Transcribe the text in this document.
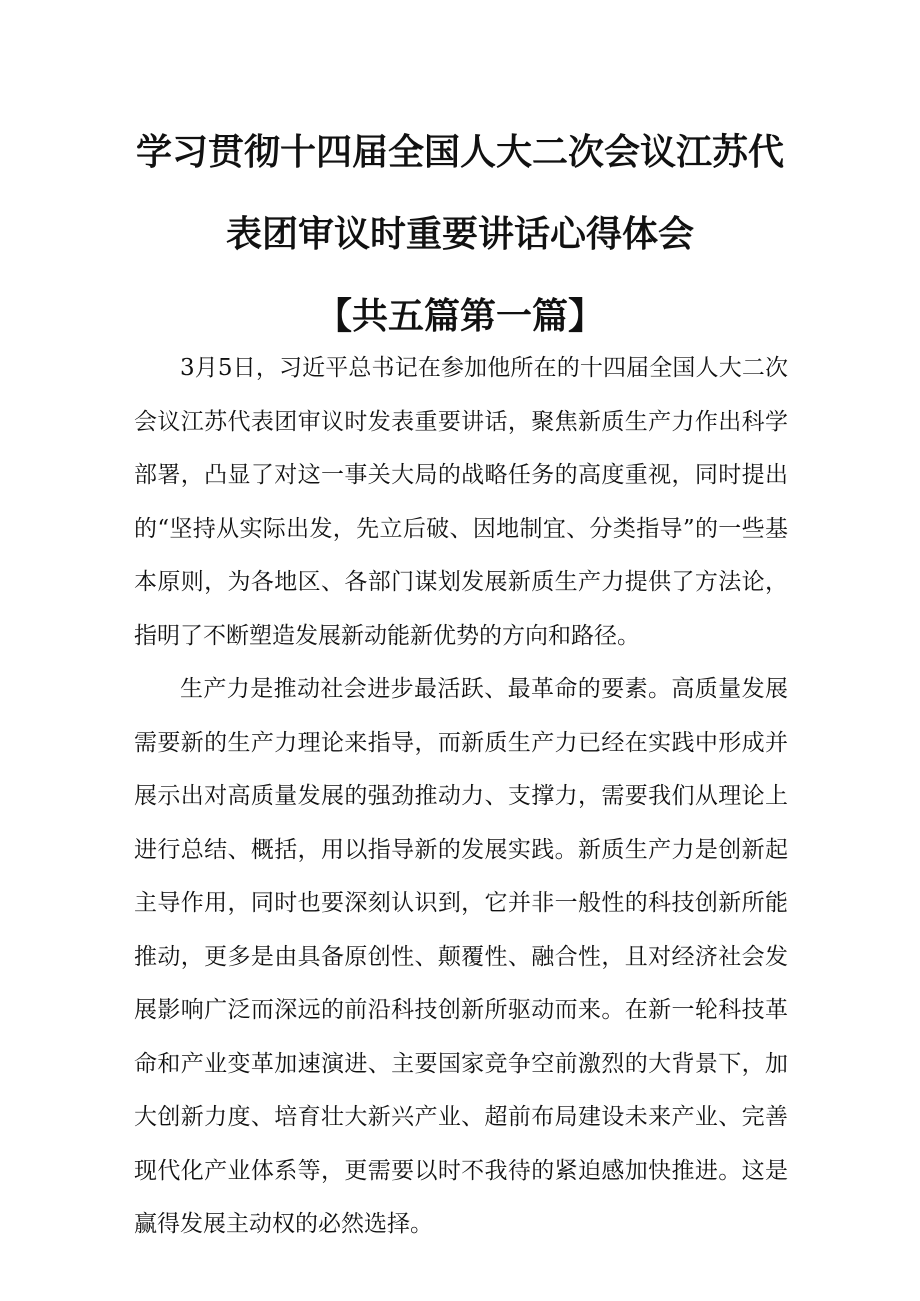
学习贯彻十四届全国人大二次会议江苏代
表团审议时重要讲话心得体会
【共五篇第一篇】

3月5日，习近平总书记在参加他所在的十四届全国人大二次会议江苏代表团审议时发表重要讲话，聚焦新质生产力作出科学部署，凸显了对这一事关大局的战略任务的高度重视，同时提出的“坚持从实际出发，先立后破、因地制宜、分类指导”的一些基本原则，为各地区、各部门谋划发展新质生产力提供了方法论，指明了不断塑造发展新动能新优势的方向和路径。

生产力是推动社会进步最活跃、最革命的要素。高质量发展需要新的生产力理论来指导，而新质生产力已经在实践中形成并展示出对高质量发展的强劲推动力、支撑力，需要我们从理论上进行总结、概括，用以指导新的发展实践。新质生产力是创新起主导作用，同时也要深刻认识到，它并非一般性的科技创新所能推动，更多是由具备原创性、颠覆性、融合性，且对经济社会发展影响广泛而深远的前沿科技创新所驱动而来。在新一轮科技革命和产业变革加速演进、主要国家竞争空前激烈的大背景下，加大创新力度、培育壮大新兴产业、超前布局建设未来产业、完善现代化产业体系等，更需要以时不我待的紧迫感加快推进。这是赢得发展主动权的必然选择。
